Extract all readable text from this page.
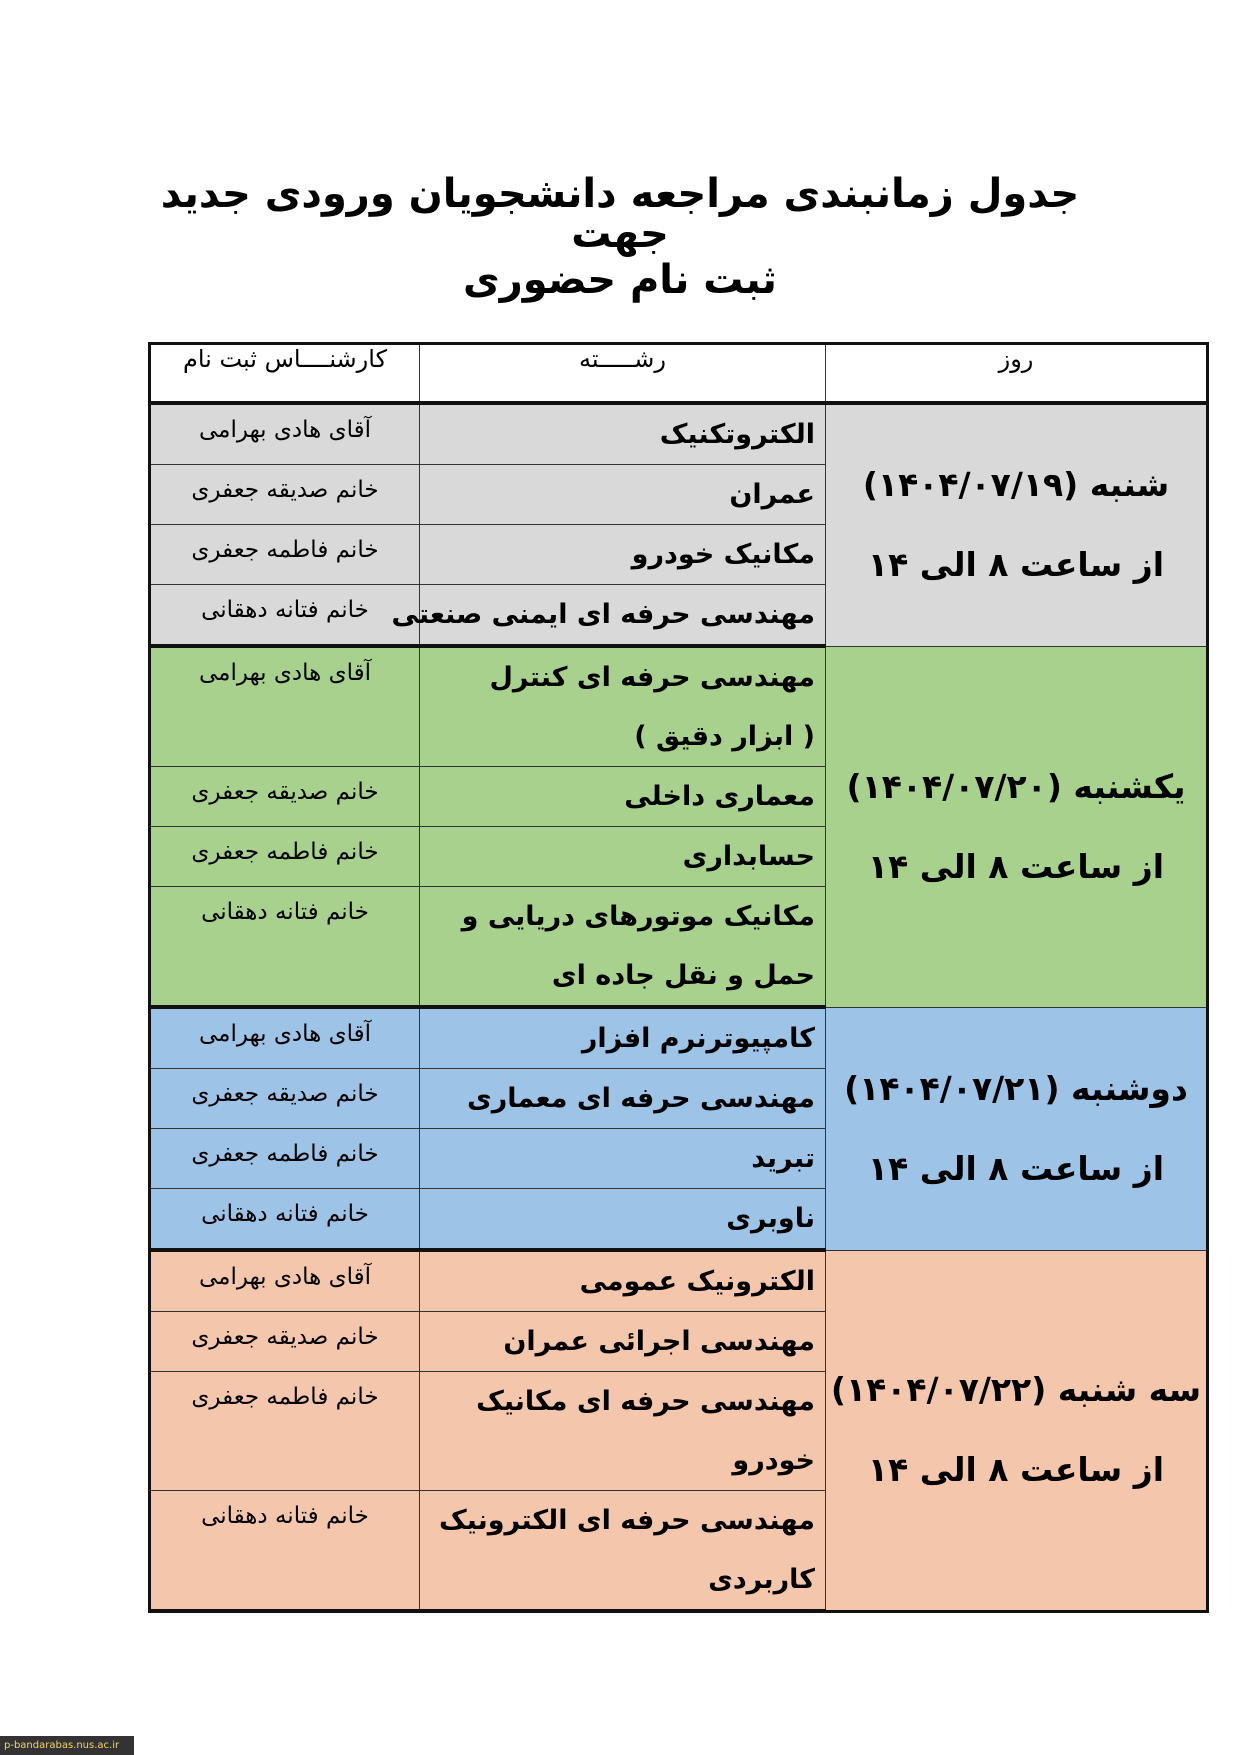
جدول زمانبندی مراجعه دانشجویان ورودی جدید جهت
ثبت نام حضوری
روز	رشـــــته	کارشنــــاس ثبت نام

شنبه (۱۴۰۴/۰۷/۱۹)
از ساعت ۸ الی ۱۴	الکتروتکنیک	آقای هادی بهرامی

	عمران	خانم صدیقه جعفری

	مکانیک خودرو	خانم فاطمه جعفری

	مهندسی حرفه ای ایمنی صنعتی	خانم فتانه دهقانی

یکشنبه (۱۴۰۴/۰۷/۲۰)
از ساعت ۸ الی ۱۴	مهندسی حرفه ای کنترل
( ابزار دقیق )	آقای هادی بهرامی

	معماری داخلی	خانم صدیقه جعفری

	حسابداری	خانم فاطمه جعفری

	مکانیک موتورهای دریایی و
حمل و نقل جاده ای	خانم فتانه دهقانی

دوشنبه (۱۴۰۴/۰۷/۲۱)
از ساعت ۸ الی ۱۴	کامپیوترنرم افزار	آقای هادی بهرامی

	مهندسی حرفه ای معماری	خانم صدیقه جعفری

	تبرید	خانم فاطمه جعفری

	ناوبری	خانم فتانه دهقانی

سه شنبه (۱۴۰۴/۰۷/۲۲)
از ساعت ۸ الی ۱۴	الکترونیک عمومی	آقای هادی بهرامی

	مهندسی اجرائی عمران	خانم صدیقه جعفری

	مهندسی حرفه ای مکانیک
خودرو	خانم فاطمه جعفری

	مهندسی حرفه ای الکترونیک
کاربردی	خانم فتانه دهقانی
p-bandarabas.nus.ac.ir
